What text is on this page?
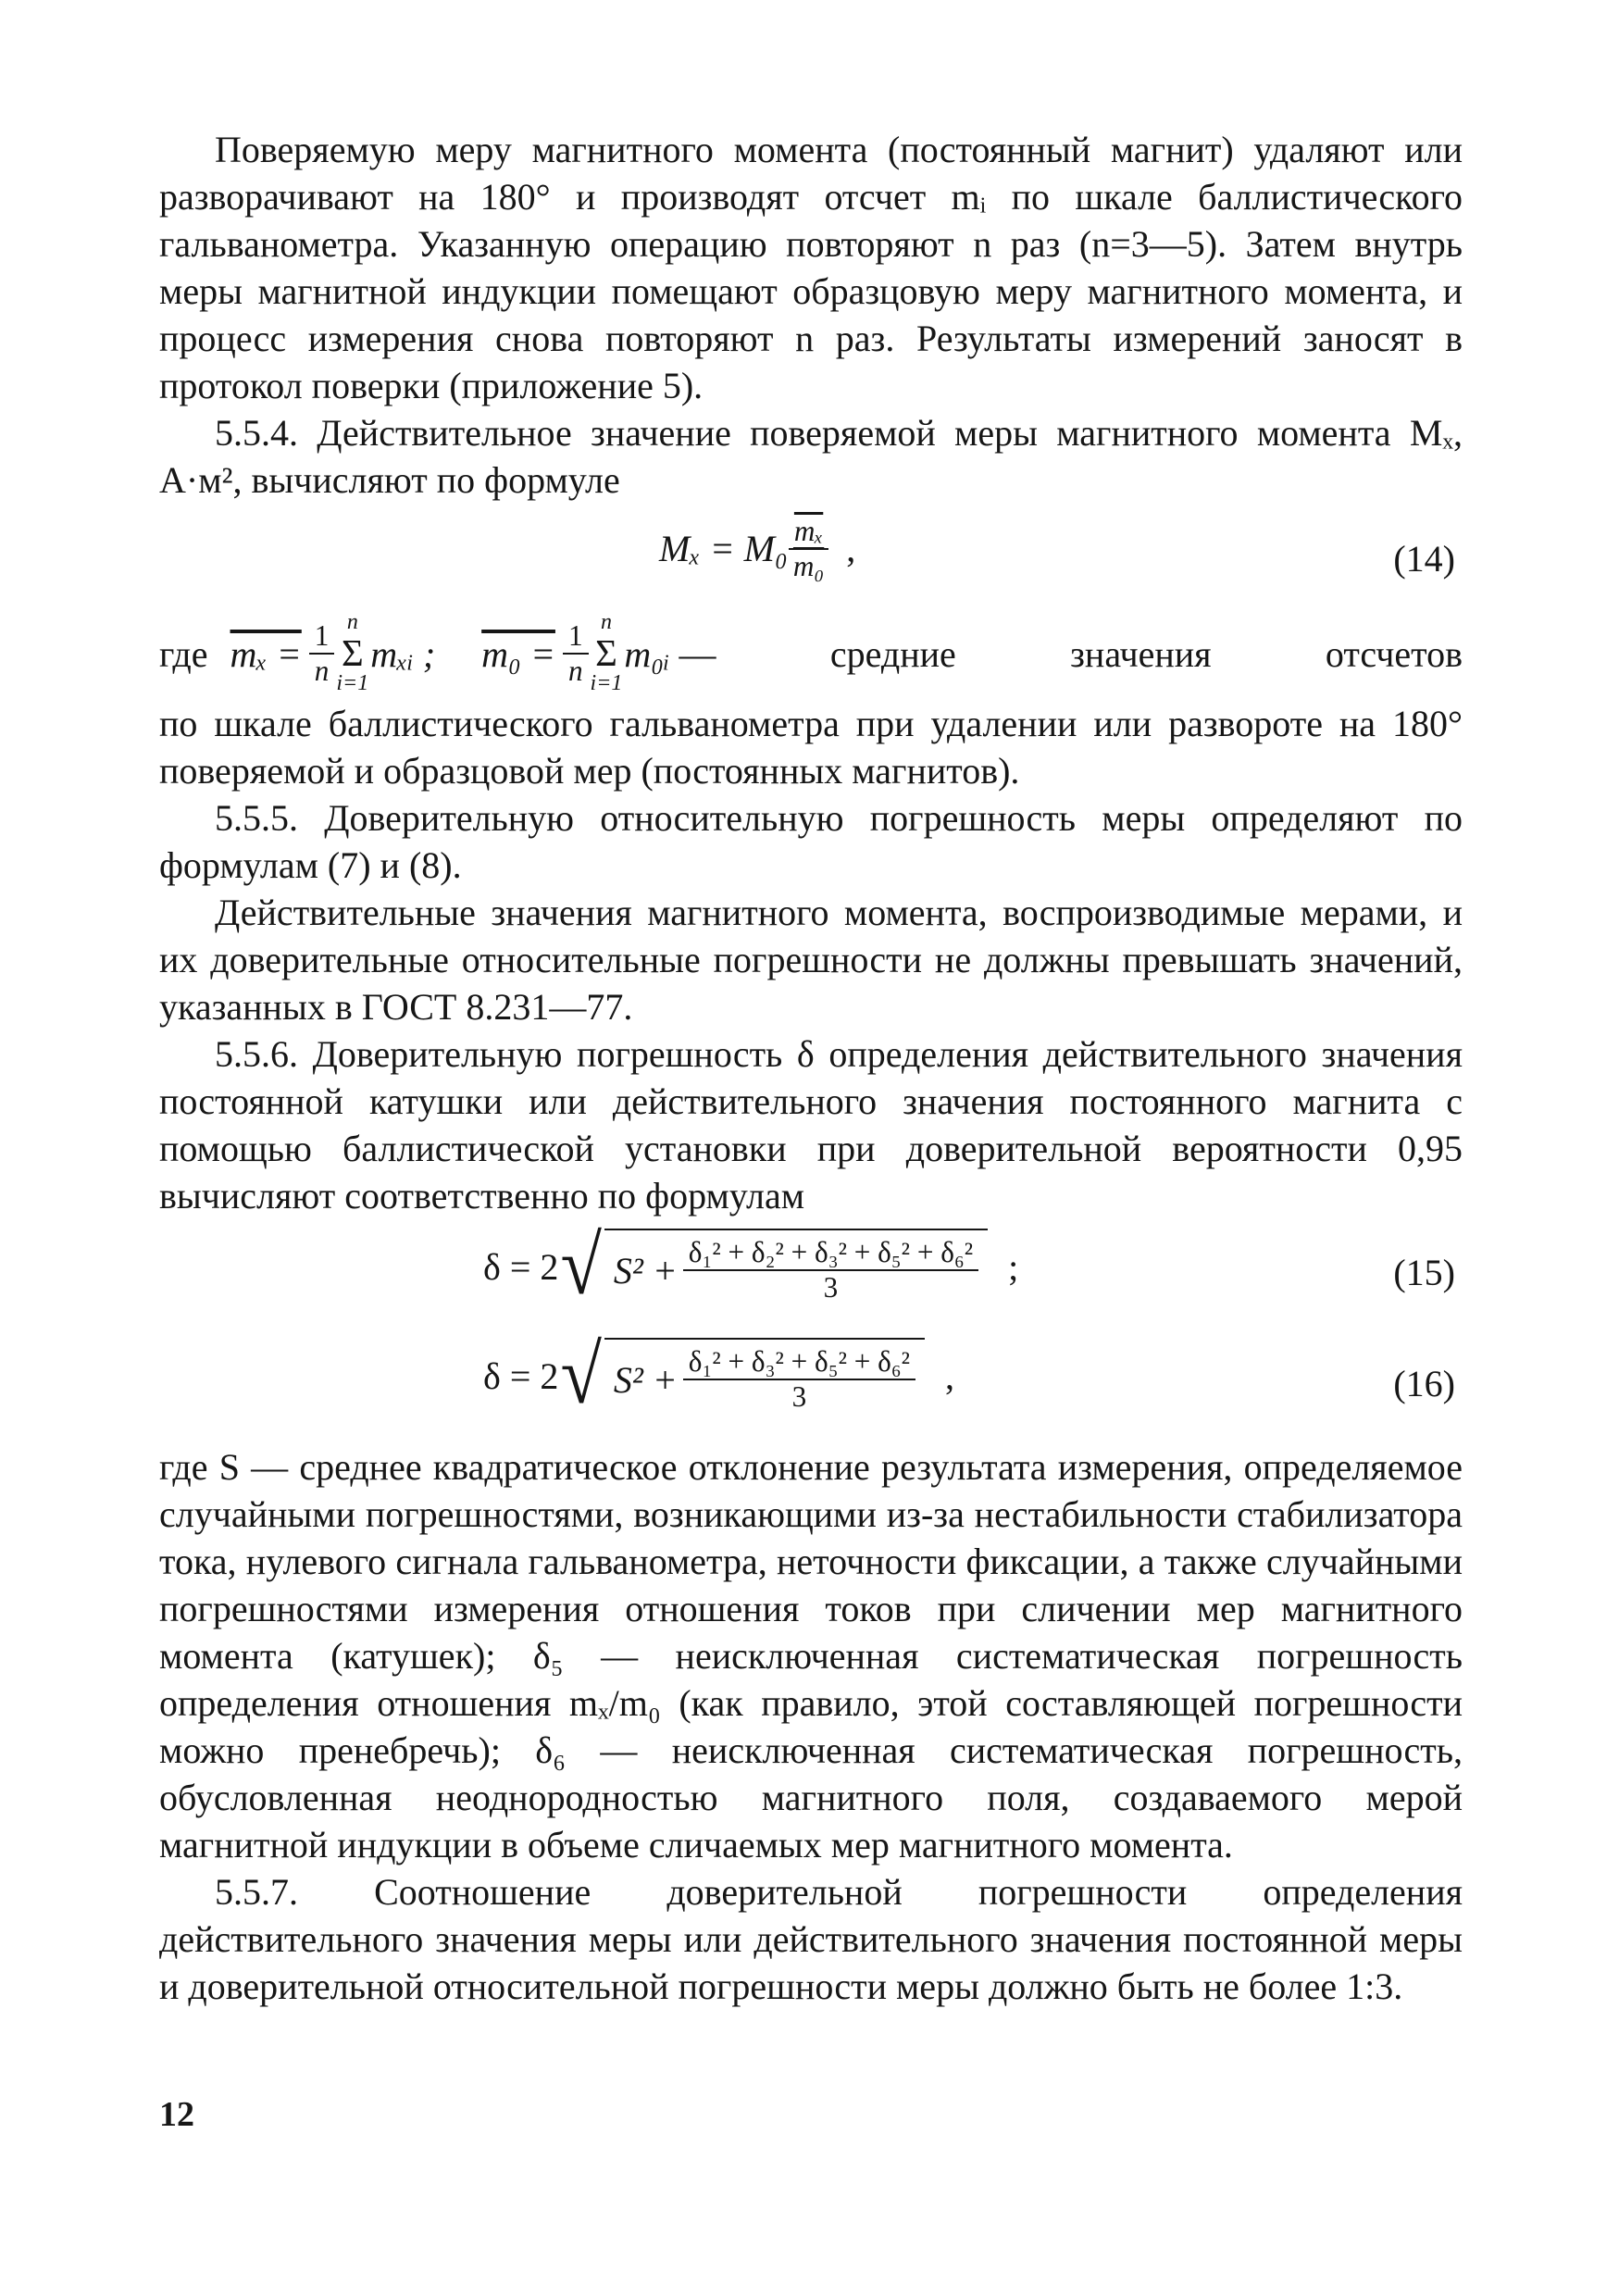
Поверяемую меру магнитного момента (постоянный магнит) удаляют или разворачивают на 180° и производят отсчет mᵢ по шкале баллистического гальванометра. Указанную операцию повторяют n раз (n=3—5). Затем внутрь меры магнитной индукции помещают образцовую меру магнитного момента, и процесс измерения снова повторяют n раз. Результаты измерений заносят в протокол поверки (приложение 5).

5.5.4. Действительное значение поверяемой меры магнитного момента Mₓ, А·м², вычисляют по формуле

$M_x = M_0 \frac{\overline{m_x}}{\text{m₀}}$ ,	(14)
где $m_x = \frac{1}{n}$ n
Σ
i=1
mₓᵢ ; $m_0 = \frac{1}{n}$ n
Σ
i=1
m₀ᵢ — средние значения отсчетов

по шкале баллистического гальванометра при удалении или развороте на 180° поверяемой и образцовой мер (постоянных магнитов).

5.5.5. Доверительную относительную погрешность меры определяют по формулам (7) и (8).

Действительные значения магнитного момента, воспроизводимые мерами, и их доверительные относительные погрешности не должны превышать значений, указанных в ГОСТ 8.231—77.

5.5.6. Доверительную погрешность δ определения действительного значения постоянной катушки или действительного значения постоянного магнита с помощью баллистической установки при доверительной вероятности 0,95 вычисляют соответственно по формулам

δ = 2 √ $S^2 + \frac{\text{δ₁² + δ₂² + δ₃² + δ₅² + δ₆²}}{3}$ ;	(15)
δ = 2 √ $S^2 + \frac{\text{δ₁² + δ₃² + δ₅² + δ₆²}}{3}$ ,	(16)

где S — среднее квадратическое отклонение результата измерения, определяемое случайными погрешностями, возникающими из-за нестабильности стабилизатора тока, нулевого сигнала гальванометра, неточности фиксации, а также случайными погрешностями измерения отношения токов при сличении мер магнитного момента (катушек); δ₅ — неисключенная систематическая погрешность определения отношения mₓ/m₀ (как правило, этой составляющей погрешности можно пренебречь); δ₆ — неисключенная систематическая погрешность, обусловленная неоднородностью магнитного поля, создаваемого мерой магнитной индукции в объеме сличаемых мер магнитного момента.

5.5.7. Соотношение доверительной погрешности определения действительного значения меры или действительного значения постоянной меры и доверительной относительной погрешности меры должно быть не более 1:3.

12
